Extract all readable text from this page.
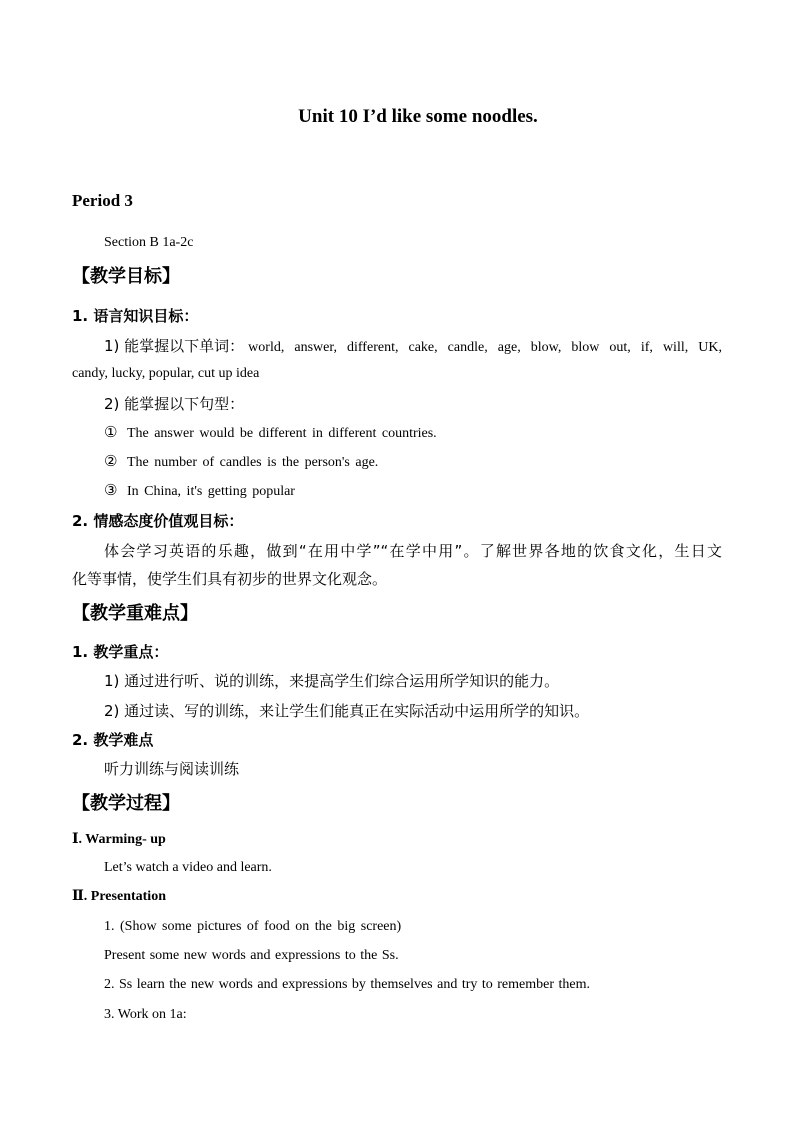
Unit 10 I’d like some noodles.
Period 3
Section B 1a-2c
【教学目标】
1. 语言知识目标：
1) 能掌握以下单词： world, answer, different, cake, candle, age, blow, blow out, if, will, UK,
candy, lucky, popular, cut up idea
2) 能掌握以下句型：
① The answer would be different in different countries.
② The number of candles is the person's age.
③ In China, it's getting popular
2. 情感态度价值观目标：
体会学习英语的乐趣，做到“在用中学”“在学中用”。了解世界各地的饮食文化，生日文
化等事情，使学生们具有初步的世界文化观念。
【教学重难点】
1. 教学重点：
1) 通过进行听、说的训练，来提高学生们综合运用所学知识的能力。
2) 通过读、写的训练，来让学生们能真正在实际活动中运用所学的知识。
2. 教学难点
听力训练与阅读训练
【教学过程】
Ⅰ. Warming- up
Let’s watch a video and learn.
Ⅱ. Presentation
1. (Show some pictures of food on the big screen)
Present some new words and expressions to the Ss.
2. Ss learn the new words and expressions by themselves and try to remember them.
3. Work on 1a:
